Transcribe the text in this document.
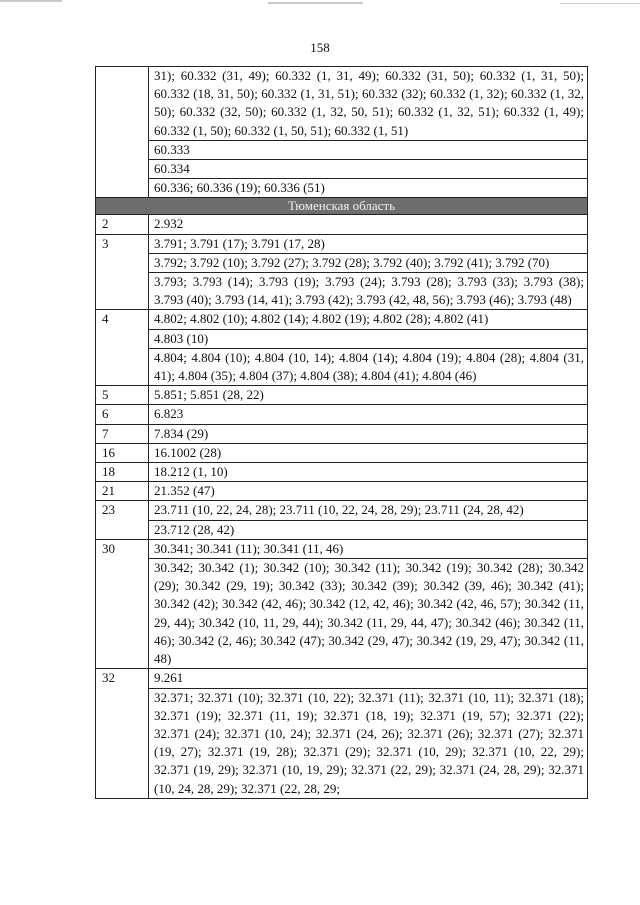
158
	31); 60.332 (31, 49); 60.332 (1, 31, 49); 60.332 (31, 50); 60.332 (1, 31, 50); 60.332 (18, 31, 50); 60.332 (1, 31, 51); 60.332 (32); 60.332 (1, 32); 60.332 (1, 32, 50); 60.332 (32, 50); 60.332 (1, 32, 50, 51); 60.332 (1, 32, 51); 60.332 (1, 49); 60.332 (1, 50); 60.332 (1, 50, 51); 60.332 (1, 51)
	60.333
	60.334
	60.336; 60.336 (19); 60.336 (51)
Тюменская область	
2	2.932
3	3.791; 3.791 (17); 3.791 (17, 28)
	3.792; 3.792 (10); 3.792 (27); 3.792 (28); 3.792 (40); 3.792 (41); 3.792 (70)
	3.793; 3.793 (14); 3.793 (19); 3.793 (24); 3.793 (28); 3.793 (33); 3.793 (38); 3.793 (40); 3.793 (14, 41); 3.793 (42); 3.793 (42, 48, 56); 3.793 (46); 3.793 (48)
4	4.802; 4.802 (10); 4.802 (14); 4.802 (19); 4.802 (28); 4.802 (41)
	4.803 (10)
	4.804; 4.804 (10); 4.804 (10, 14); 4.804 (14); 4.804 (19); 4.804 (28); 4.804 (31, 41); 4.804 (35); 4.804 (37); 4.804 (38); 4.804 (41); 4.804 (46)
5	5.851; 5.851 (28, 22)
6	6.823
7	7.834 (29)
16	16.1002 (28)
18	18.212 (1, 10)
21	21.352 (47)
23	23.711 (10, 22, 24, 28); 23.711 (10, 22, 24, 28, 29); 23.711 (24, 28, 42)
	23.712 (28, 42)
30	30.341; 30.341 (11); 30.341 (11, 46)
	30.342; 30.342 (1); 30.342 (10); 30.342 (11); 30.342 (19); 30.342 (28); 30.342 (29); 30.342 (29, 19); 30.342 (33); 30.342 (39); 30.342 (39, 46); 30.342 (41); 30.342 (42); 30.342 (42, 46); 30.342 (12, 42, 46); 30.342 (42, 46, 57); 30.342 (11, 29, 44); 30.342 (10, 11, 29, 44); 30.342 (11, 29, 44, 47); 30.342 (46); 30.342 (11, 46); 30.342 (2, 46); 30.342 (47); 30.342 (29, 47); 30.342 (19, 29, 47); 30.342 (11, 48)
32	9.261
	32.371; 32.371 (10); 32.371 (10, 22); 32.371 (11); 32.371 (10, 11); 32.371 (18); 32.371 (19); 32.371 (11, 19); 32.371 (18, 19); 32.371 (19, 57); 32.371 (22); 32.371 (24); 32.371 (10, 24); 32.371 (24, 26); 32.371 (26); 32.371 (27); 32.371 (19, 27); 32.371 (19, 28); 32.371 (29); 32.371 (10, 29); 32.371 (10, 22, 29); 32.371 (19, 29); 32.371 (10, 19, 29); 32.371 (22, 29); 32.371 (24, 28, 29); 32.371 (10, 24, 28, 29); 32.371 (22, 28, 29;
